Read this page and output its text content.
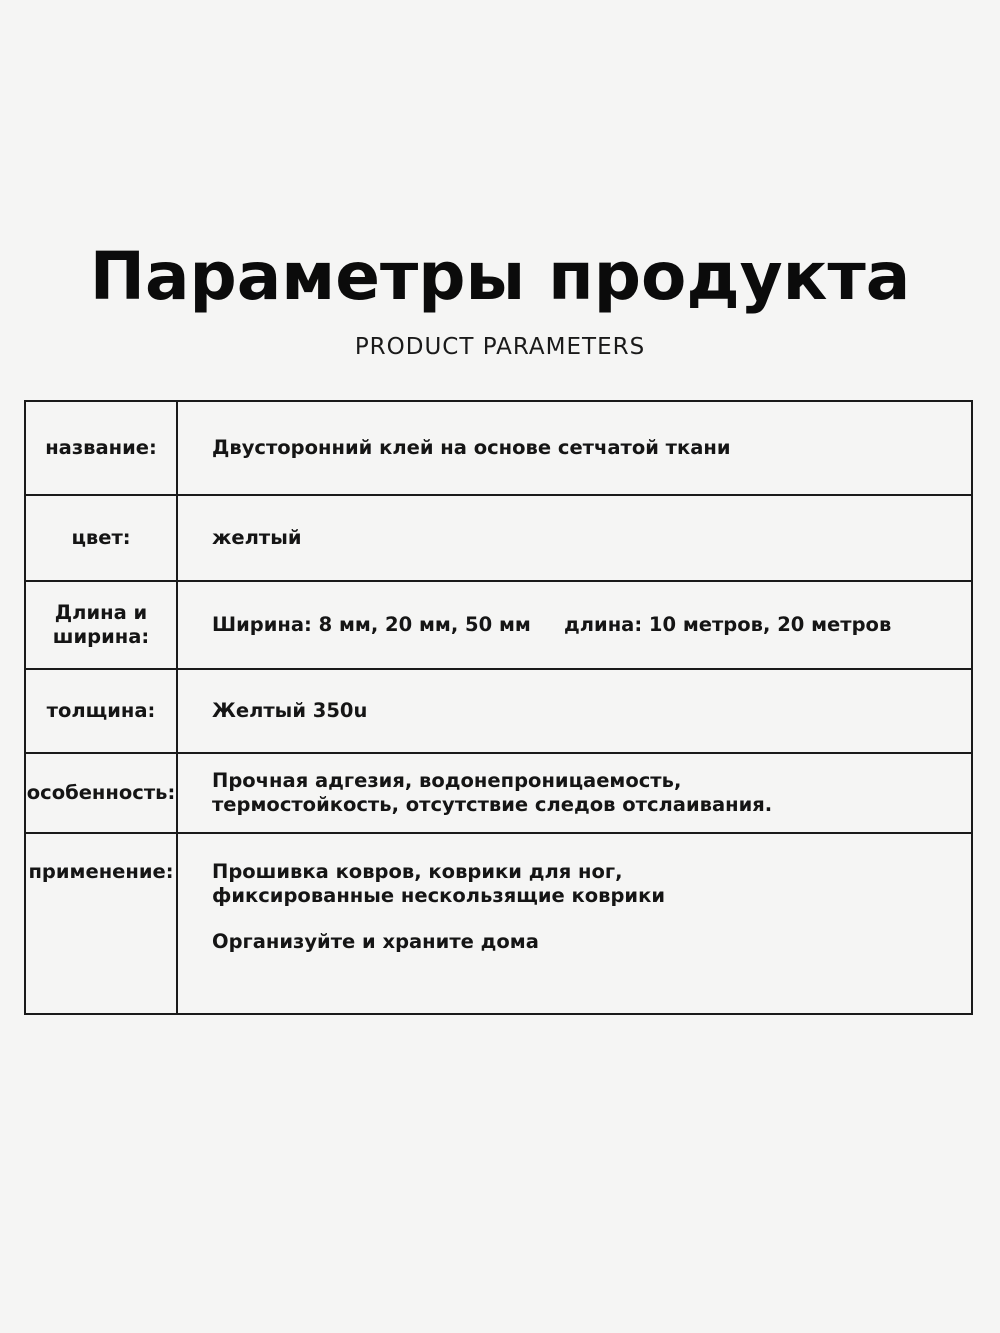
Параметры продукта
PRODUCT PARAMETERS
название:	Двусторонний клей на основе сетчатой ткани
цвет:	желтый

Длина и
ширина:	Ширина: 8 мм, 20 мм, 50 мм длина: 10 метров, 20 метров
толщина:	Желтый 350u
особенность:	Прочная адгезия, водонепроницаемость,
термостойкость, отсутствие следов отслаивания.

применение:	Прошивка ковров, коврики для ног,
фиксированные нескользящие коврики
Организуйте и храните дома
